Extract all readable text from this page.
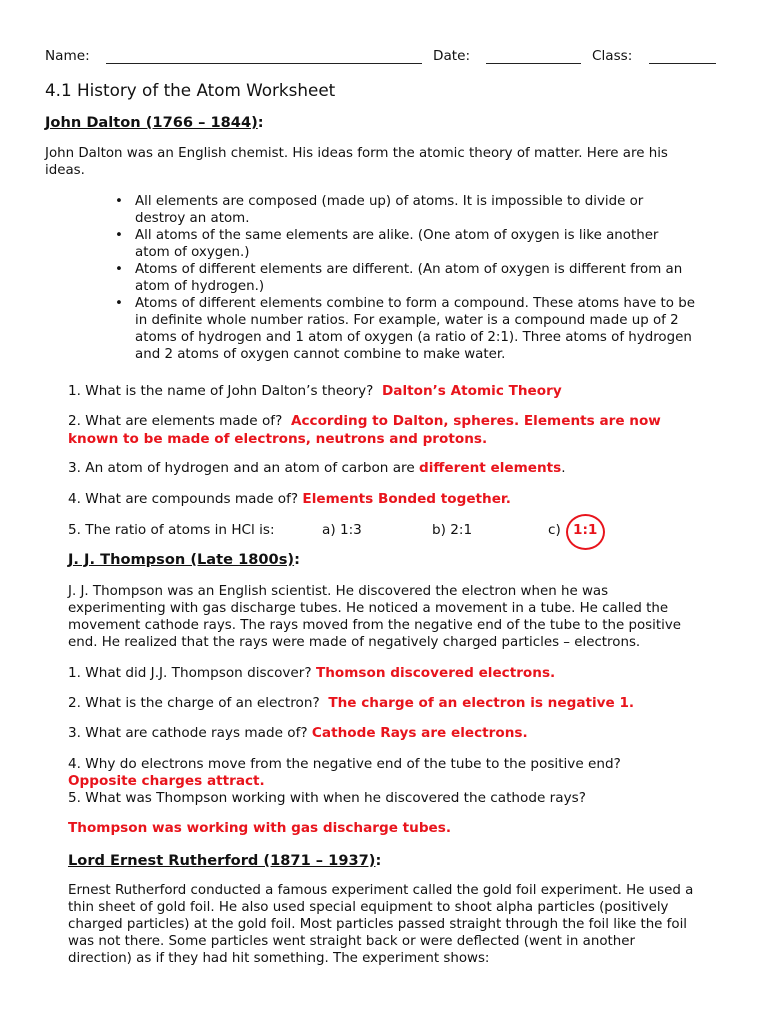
Name:	Date:	Class:
4.1 History of the Atom Worksheet
John Dalton (1766 – 1844):
John Dalton was an English chemist. His ideas form the atomic theory of matter. Here are his
ideas.
• All elements are composed (made up) of atoms. It is impossible to divide or
destroy an atom.
• All atoms of the same elements are alike. (One atom of oxygen is like another
atom of oxygen.)
• Atoms of different elements are different. (An atom of oxygen is different from an
atom of hydrogen.)
• Atoms of different elements combine to form a compound. These atoms have to be
in definite whole number ratios. For example, water is a compound made up of 2
atoms of hydrogen and 1 atom of oxygen (a ratio of 2:1). Three atoms of hydrogen
and 2 atoms of oxygen cannot combine to make water.
1. What is the name of John Dalton’s theory? Dalton’s Atomic Theory
2. What are elements made of? According to Dalton, spheres. Elements are now
known to be made of electrons, neutrons and protons.
3. An atom of hydrogen and an atom of carbon are different elements.
4. What are compounds made of? Elements Bonded together.
5. The ratio of atoms in HCl is:	a) 1:3	b) 2:1	c) 1:1
J. J. Thompson (Late 1800s):
J. J. Thompson was an English scientist. He discovered the electron when he was
experimenting with gas discharge tubes. He noticed a movement in a tube. He called the
movement cathode rays. The rays moved from the negative end of the tube to the positive
end. He realized that the rays were made of negatively charged particles – electrons.
1. What did J.J. Thompson discover? Thomson discovered electrons.
2. What is the charge of an electron? The charge of an electron is negative 1.
3. What are cathode rays made of? Cathode Rays are electrons.
4. Why do electrons move from the negative end of the tube to the positive end?
Opposite charges attract.
5. What was Thompson working with when he discovered the cathode rays?
Thompson was working with gas discharge tubes.
Lord Ernest Rutherford (1871 – 1937):
Ernest Rutherford conducted a famous experiment called the gold foil experiment. He used a
thin sheet of gold foil. He also used special equipment to shoot alpha particles (positively
charged particles) at the gold foil. Most particles passed straight through the foil like the foil
was not there. Some particles went straight back or were deflected (went in another
direction) as if they had hit something. The experiment shows:
